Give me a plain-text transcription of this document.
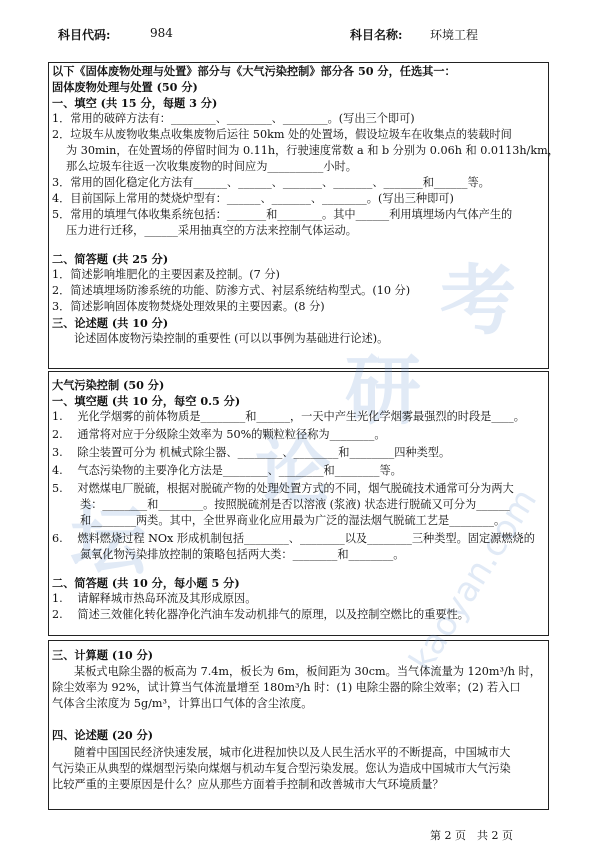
科目代码:	984	科目名称: 环境工程
考
研
论
坛	kaoyan.com
以下《固体废物处理与处置》部分与《大气污染控制》部分各 50 分，任选其一：
固体废物处理与处置 (50 分)
一、填空 (共 15 分，每题 3 分)
1．常用的破碎方法有：________、________、________。(写出三个即可)
2．垃圾车从废物收集点收集废物后运往 50km 处的处置场，假设垃圾车在收集点的装载时间
为 30min，在处置场的停留时间为 0.11h，行驶速度常数 a 和 b 分别为 0.06h 和 0.0113h/km，
那么垃圾车往返一次收集废物的时间应为__________小时。
3．常用的固化稳定化方法有______、______、_______、_______、_______和______等。
4．目前国际上常用的焚烧炉型有：______、_______、________。(写出三种即可)
5．常用的填埋气体收集系统包括：_______和________。其中______利用填埋场内气体产生的
压力进行迁移，______采用抽真空的方法来控制气体运动。
二、简答题 (共 25 分)
1．简述影响堆肥化的主要因素及控制。(7 分)
2．简述填埋场防渗系统的功能、防渗方式、衬层系统结构型式。(10 分)
3．简述影响固体废物焚烧处理效果的主要因素。(8 分)
三、论述题 (共 10 分)
论述固体废物污染控制的重要性 (可以以事例为基础进行论述)。
大气污染控制 (50 分)
一、填空题 (共 10 分，每空 0.5 分)
1.　 光化学烟雾的前体物质是________和______，一天中产生光化学烟雾最强烈的时段是____。
2.　 通常将对应于分级除尘效率为 50%的颗粒粒径称为________。
3.　 除尘装置可分为 机械式除尘器、________、________和________四种类型。
4.　 气态污染物的主要净化方法是________、________和________等。
5.　 对燃煤电厂脱硫，根据对脱硫产物的处理处置方式的不同，烟气脱硫技术通常可分为两大
类：________和________。按照脱硫剂是否以溶液 (浆液) 状态进行脱硫又可分为______
和________两类。其中，全世界商业化应用最为广泛的湿法烟气脱硫工艺是________。
6.　 燃料燃烧过程 NOx 形成机制包括________、________以及________三种类型。固定源燃烧的
氮氧化物污染排放控制的策略包括两大类：________和________。
二、简答题 (共 10 分，每小题 5 分)
1.　 请解释城市热岛环流及其形成原因。
2.　 简述三效催化转化器净化汽油车发动机排气的原理，以及控制空燃比的重要性。
三、计算题 (10 分)
某板式电除尘器的板高为 7.4m，板长为 6m，板间距为 30cm。当气体流量为 120m³/h 时，
除尘效率为 92%，试计算当气体流量增至 180m³/h 时：(1) 电除尘器的除尘效率；(2) 若入口
气体含尘浓度为 5g/m³，计算出口气体的含尘浓度。
四、论述题 (20 分)
随着中国国民经济快速发展，城市化进程加快以及人民生活水平的不断提高，中国城市大
气污染正从典型的煤烟型污染向煤烟与机动车复合型污染发展。您认为造成中国城市大气污染
比较严重的主要原因是什么？应从那些方面着手控制和改善城市大气环境质量？
第 2 页　共 2 页
